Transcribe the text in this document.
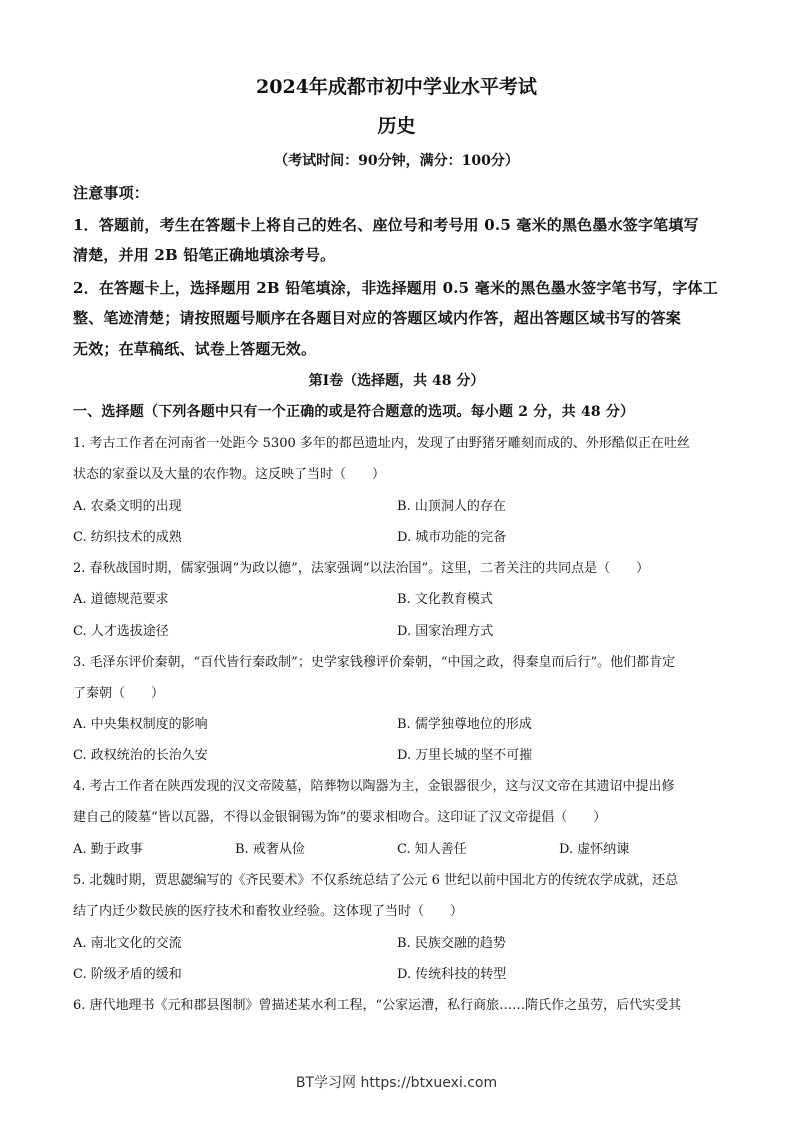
2024年成都市初中学业水平考试
历史
（考试时间：90分钟，满分：100分）
注意事项：
1．答题前，考生在答题卡上将自己的姓名、座位号和考号用 0.5 毫米的黑色墨水签字笔填写
清楚，并用 2B 铅笔正确地填涂考号。
2．在答题卡上，选择题用 2B 铅笔填涂，非选择题用 0.5 毫米的黑色墨水签字笔书写，字体工
整、笔迹清楚；请按照题号顺序在各题目对应的答题区域内作答，超出答题区域书写的答案
无效；在草稿纸、试卷上答题无效。
第Ⅰ卷（选择题，共 48 分）
一、选择题（下列各题中只有一个正确的或是符合题意的选项。每小题 2 分，共 48 分）
1. 考古工作者在河南省一处距今 5300 多年的都邑遗址内，发现了由野猪牙雕刻而成的、外形酷似正在吐丝
状态的家蚕以及大量的农作物。这反映了当时（　　）
A. 农桑文明的出现	B. 山顶洞人的存在
C. 纺织技术的成熟	D. 城市功能的完备
2. 春秋战国时期，儒家强调“为政以德”，法家强调“以法治国”。这里，二者关注的共同点是（　　）
A. 道德规范要求	B. 文化教育模式
C. 人才选拔途径	D. 国家治理方式
3. 毛泽东评价秦朝，“百代皆行秦政制”；史学家钱穆评价秦朝，“中国之政，得秦皇而后行”。他们都肯定
了秦朝（　　）
A. 中央集权制度的影响	B. 儒学独尊地位的形成
C. 政权统治的长治久安	D. 万里长城的坚不可摧
4. 考古工作者在陕西发现的汉文帝陵墓，陪葬物以陶器为主，金银器很少，这与汉文帝在其遗诏中提出修
建自己的陵墓“皆以瓦器，不得以金银铜锡为饰”的要求相吻合。这印证了汉文帝提倡（　　）
A. 勤于政事	B. 戒奢从俭	C. 知人善任	D. 虚怀纳谏
5. 北魏时期，贾思勰编写的《齐民要术》不仅系统总结了公元 6 世纪以前中国北方的传统农学成就，还总
结了内迁少数民族的医疗技术和畜牧业经验。这体现了当时（　　）
A. 南北文化的交流	B. 民族交融的趋势
C. 阶级矛盾的缓和	D. 传统科技的转型
6. 唐代地理书《元和郡县图制》曾描述某水利工程，“公家运漕，私行商旅……隋氏作之虽劳，后代实受其
BT学习网 https://btxuexi.com
